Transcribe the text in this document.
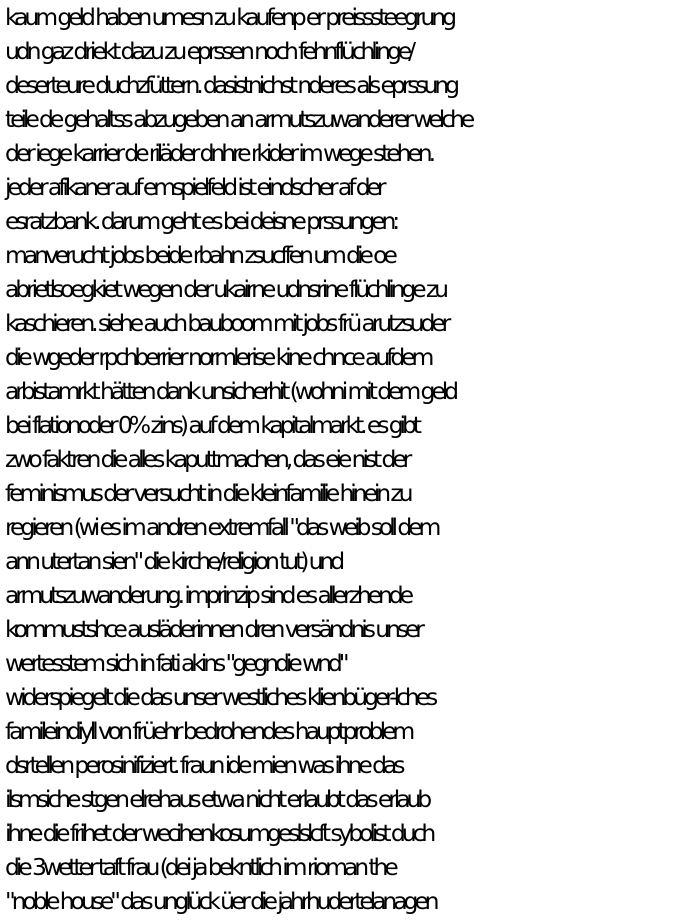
kaum geld haben umesn zu kaufenp er preisssteegrung
udn gaz driekt dazu zu eprssen noch fehnflüchlinge/
deserteure duchzfüttern. dasistnichst nderes als eprssung
teile de gehaltss abzugeben an armutszuwanderer welche
der iege karrier de riläder dnhre rkider im wege stehen.
jeder afikaner auf emspielfeld ist eindscher af der
esratzbank. darum geht es bei deisne prssungen:
manverucht jobs beide rbahn zsucffen um die oe
abrietlsoegkiet wegen der ukairne udnsrine flüchlinge zu
kaschieren. siehe auch bauboom mit jobs frü arutzsuder
die wgeder rpchberrier normlerise kine chnce aufdem
arbistamrkt hätten dank unsicherhit (wohni mit dem geld
bei flationoder 0% zins) auf dem kapitalmarkt. es gibt
zwo faktren die alles kaputtmachen, das eie nist der
feminismus der versucht in die kleinfamilie hinein zu
regieren (wi es im andren extremfall "das weib soll dem
ann utertan sien" die kirche/religion tut) und
armutszuwanderung. imprinzip sind es allerzhende
kommustshce ausläderinnen dren versändnis unser
wertesstem sich in fati akins "gegndie wnd"
widerspiegelt die das unser westliches klienbüger-lches
famileindiyll von früehr bedrohendes hauptproblem
dsrtellen perosinifiziert. fraun ide mien was ihne das
ilsmsiche stgen elrehaus etwa nicht erlaubt das erlaub
ihne die frihet der wecihenkosumgeslslcft sybolist duch
die 3wetter taft frau (dei ja bekntlich im rioman the
"noble house" das unglück üer die jahrhudertelanagen
